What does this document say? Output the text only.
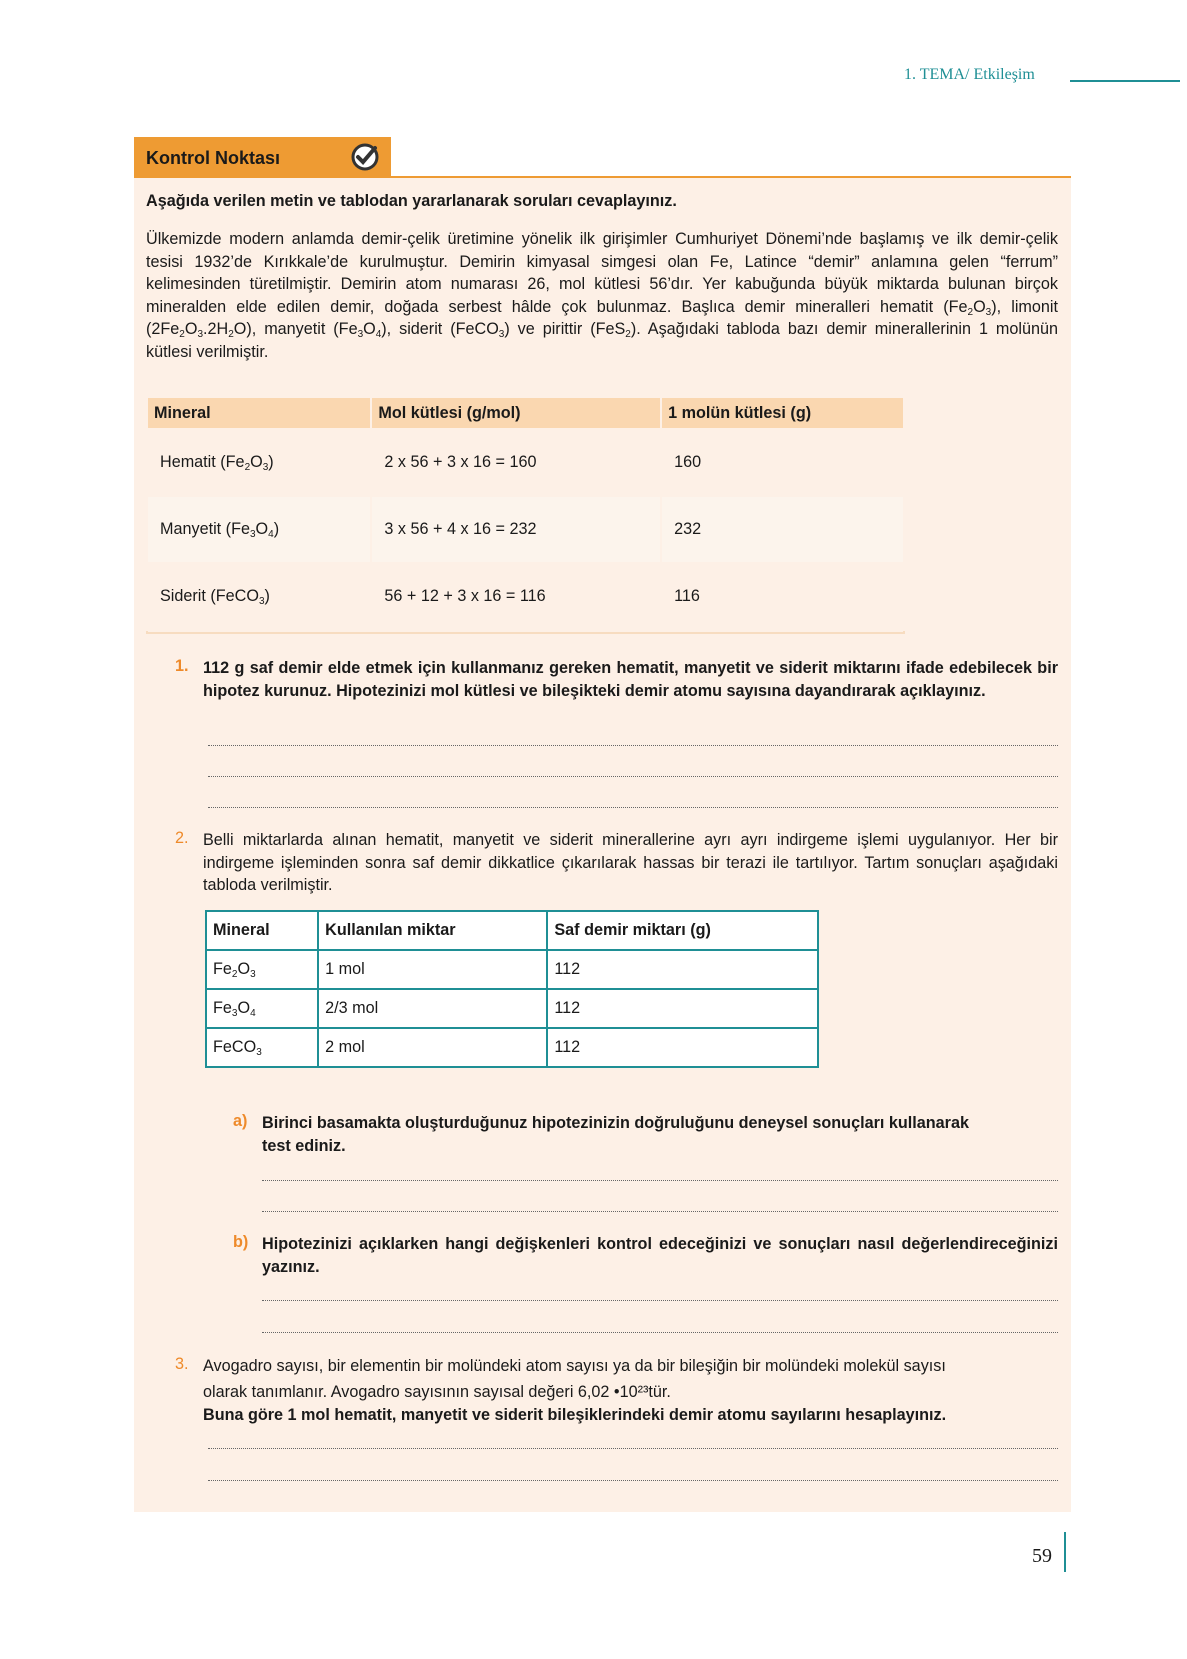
1. TEMA/ Etkileşim
Kontrol Noktası
Aşağıda verilen metin ve tablodan yararlanarak soruları cevaplayınız.
Ülkemizde modern anlamda demir-çelik üretimine yönelik ilk girişimler Cumhuriyet Dönemi’nde başlamış ve ilk demir-çelik tesisi 1932’de Kırıkkale’de kurulmuştur. Demirin kimyasal simgesi olan Fe, Latince “demir” anlamına gelen “ferrum” kelimesinden türetilmiştir. Demirin atom numarası 26, mol kütlesi 56’dır. Yer kabuğunda büyük miktarda bulunan birçok mineralden elde edilen demir, doğada serbest hâlde çok bulunmaz. Başlıca demir mineralleri hematit $(Fe_2O_3)$, limonit $(2Fe_2O_3.2H_2O)$, manyetit $(Fe_3O_4)$, siderit (FeCO$_3$) ve pirittir (FeS$_2$). Aşağıdaki tabloda bazı demir minerallerinin 1 molünün kütlesi verilmiştir.
Mineral	Mol kütlesi (g/mol)	1 molün kütlesi (g)
Hematit $(Fe_2O_3)$	2 x 56 + 3 x 16 = 160	160
Manyetit $(Fe_3O_4)$	3 x 56 + 4 x 16 = 232	232
Siderit (FeCO$_3$)	56 + 12 + 3 x 16 = 116	116
1. 112 g saf demir elde etmek için kullanmanız gereken hematit, manyetit ve siderit miktarını ifade edebilecek bir hipotez kurunuz. Hipotezinizi mol kütlesi ve bileşikteki demir atomu sayısına dayandırarak açıklayınız.
2. Belli miktarlarda alınan hematit, manyetit ve siderit minerallerine ayrı ayrı indirgeme işlemi uygulanıyor. Her bir indirgeme işleminden sonra saf demir dikkatlice çıkarılarak hassas bir terazi ile tartılıyor. Tartım sonuçları aşağıdaki tabloda verilmiştir.
Mineral	Kullanılan miktar	Saf demir miktarı (g)
$Fe_2O_3$	1 mol	112
$Fe_3O_4$	2/3 mol	112
FeCO$_3$	2 mol	112
a) Birinci basamakta oluşturduğunuz hipotezinizin doğruluğunu deneysel sonuçları kullanarak test ediniz.
b) Hipotezinizi açıklarken hangi değişkenleri kontrol edeceğinizi ve sonuçları nasıl değerlendireceğinizi yazınız.
3. Avogadro sayısı, bir elementin bir molündeki atom sayısı ya da bir bileşiğin bir molündeki molekül sayısı
olarak tanımlanır. Avogadro sayısının sayısal değeri 6,02 •10²³tür.
Buna göre 1 mol hematit, manyetit ve siderit bileşiklerindeki demir atomu sayılarını hesaplayınız.
59
